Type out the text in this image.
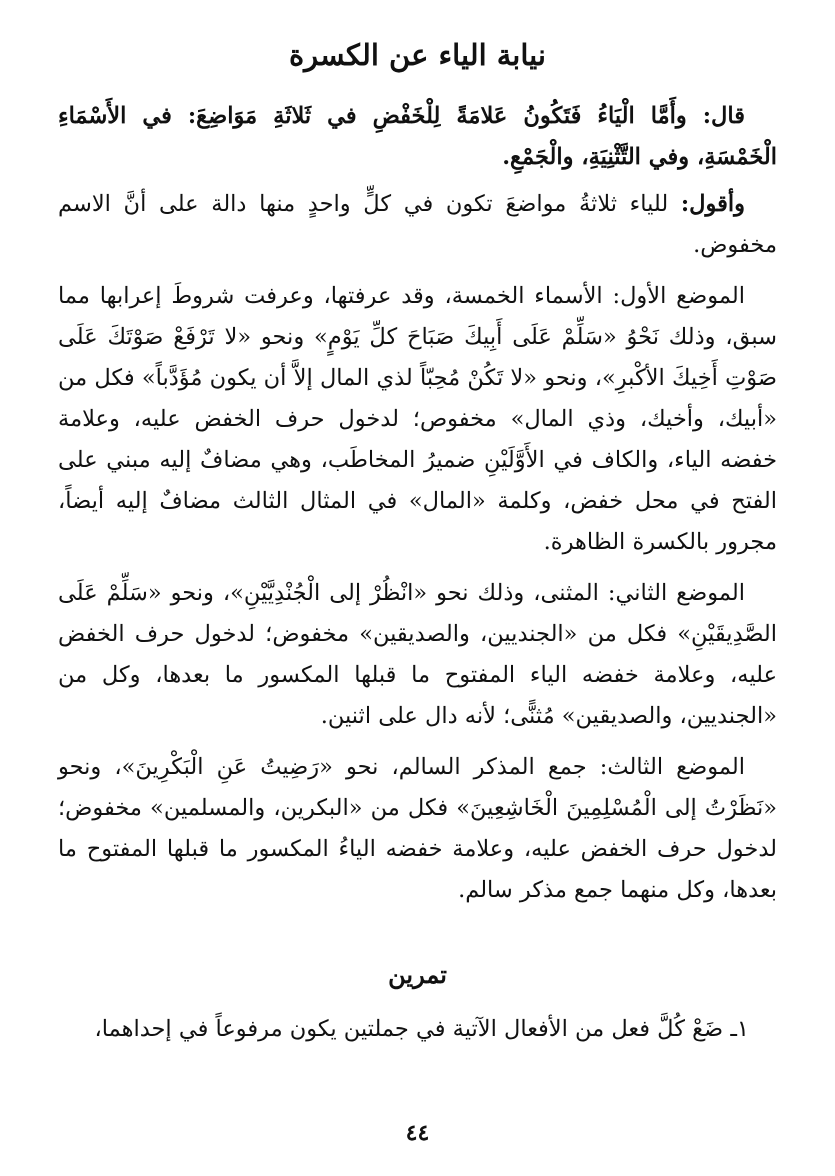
نيابة الياء عن الكسرة

قال: وأَمَّا الْيَاءُ فَتَكُونُ عَلامَةً لِلْخَفْضِ في ثَلاثَةِ مَوَاضِعَ: في الأَسْمَاءِ الْخَمْسَةِ، وفي التَّثْنِيَةِ، والْجَمْعِ.

وأقول: للياء ثلاثةُ مواضعَ تكون في كلٍّ واحدٍ منها دالة على أنَّ الاسم مخفوض.

الموضع الأول: الأسماء الخمسة، وقد عرفتها، وعرفت شروطَ إعرابها مما سبق، وذلك نَحْوُ «سَلِّمْ عَلَى أَبِيكَ صَبَاحَ كلِّ يَوْمٍ» ونحو «لا تَرْفَعْ صَوْتَكَ عَلَى صَوْتِ أَخِيكَ الأكْبرِ»، ونحو «لا تَكُنْ مُحِبّاً لذي المال إلاَّ أن يكون مُؤَدَّباً» فكل من «أبيك، وأخيك، وذي المال» مخفوص؛ لدخول حرف الخفض عليه، وعلامة خفضه الياء، والكاف في الأَوَّلَيْنِ ضميرُ المخاطَب، وهي مضافٌ إليه مبني على الفتح في محل خفض، وكلمة «المال» في المثال الثالث مضافٌ إليه أيضاً، مجرور بالكسرة الظاهرة.

الموضع الثاني: المثنى، وذلك نحو «انْظُرْ إلى الْجُنْدِيَّيْنِ»، ونحو «سَلِّمْ عَلَى الصَّدِيقَيْنِ» فكل من «الجنديين، والصديقين» مخفوض؛ لدخول حرف الخفض عليه، وعلامة خفضه الياء المفتوح ما قبلها المكسور ما بعدها، وكل من «الجنديين، والصديقين» مُثنًّى؛ لأنه دال على اثنين.

الموضع الثالث: جمع المذكر السالم، نحو «رَضِيتُ عَنِ الْبَكْرِينَ»، ونحو «نَظَرْتُ إلى الْمُسْلِمِينَ الْخَاشِعِينَ» فكل من «البكرين، والمسلمين» مخفوض؛ لدخول حرف الخفض عليه، وعلامة خفضه الياءُ المكسور ما قبلها المفتوح ما بعدها، وكل منهما جمع مذكر سالم.

تمرين

١ـ ضَعْ كُلَّ فعل من الأفعال الآتية في جملتين يكون مرفوعاً في إحداهما،

٤٤
